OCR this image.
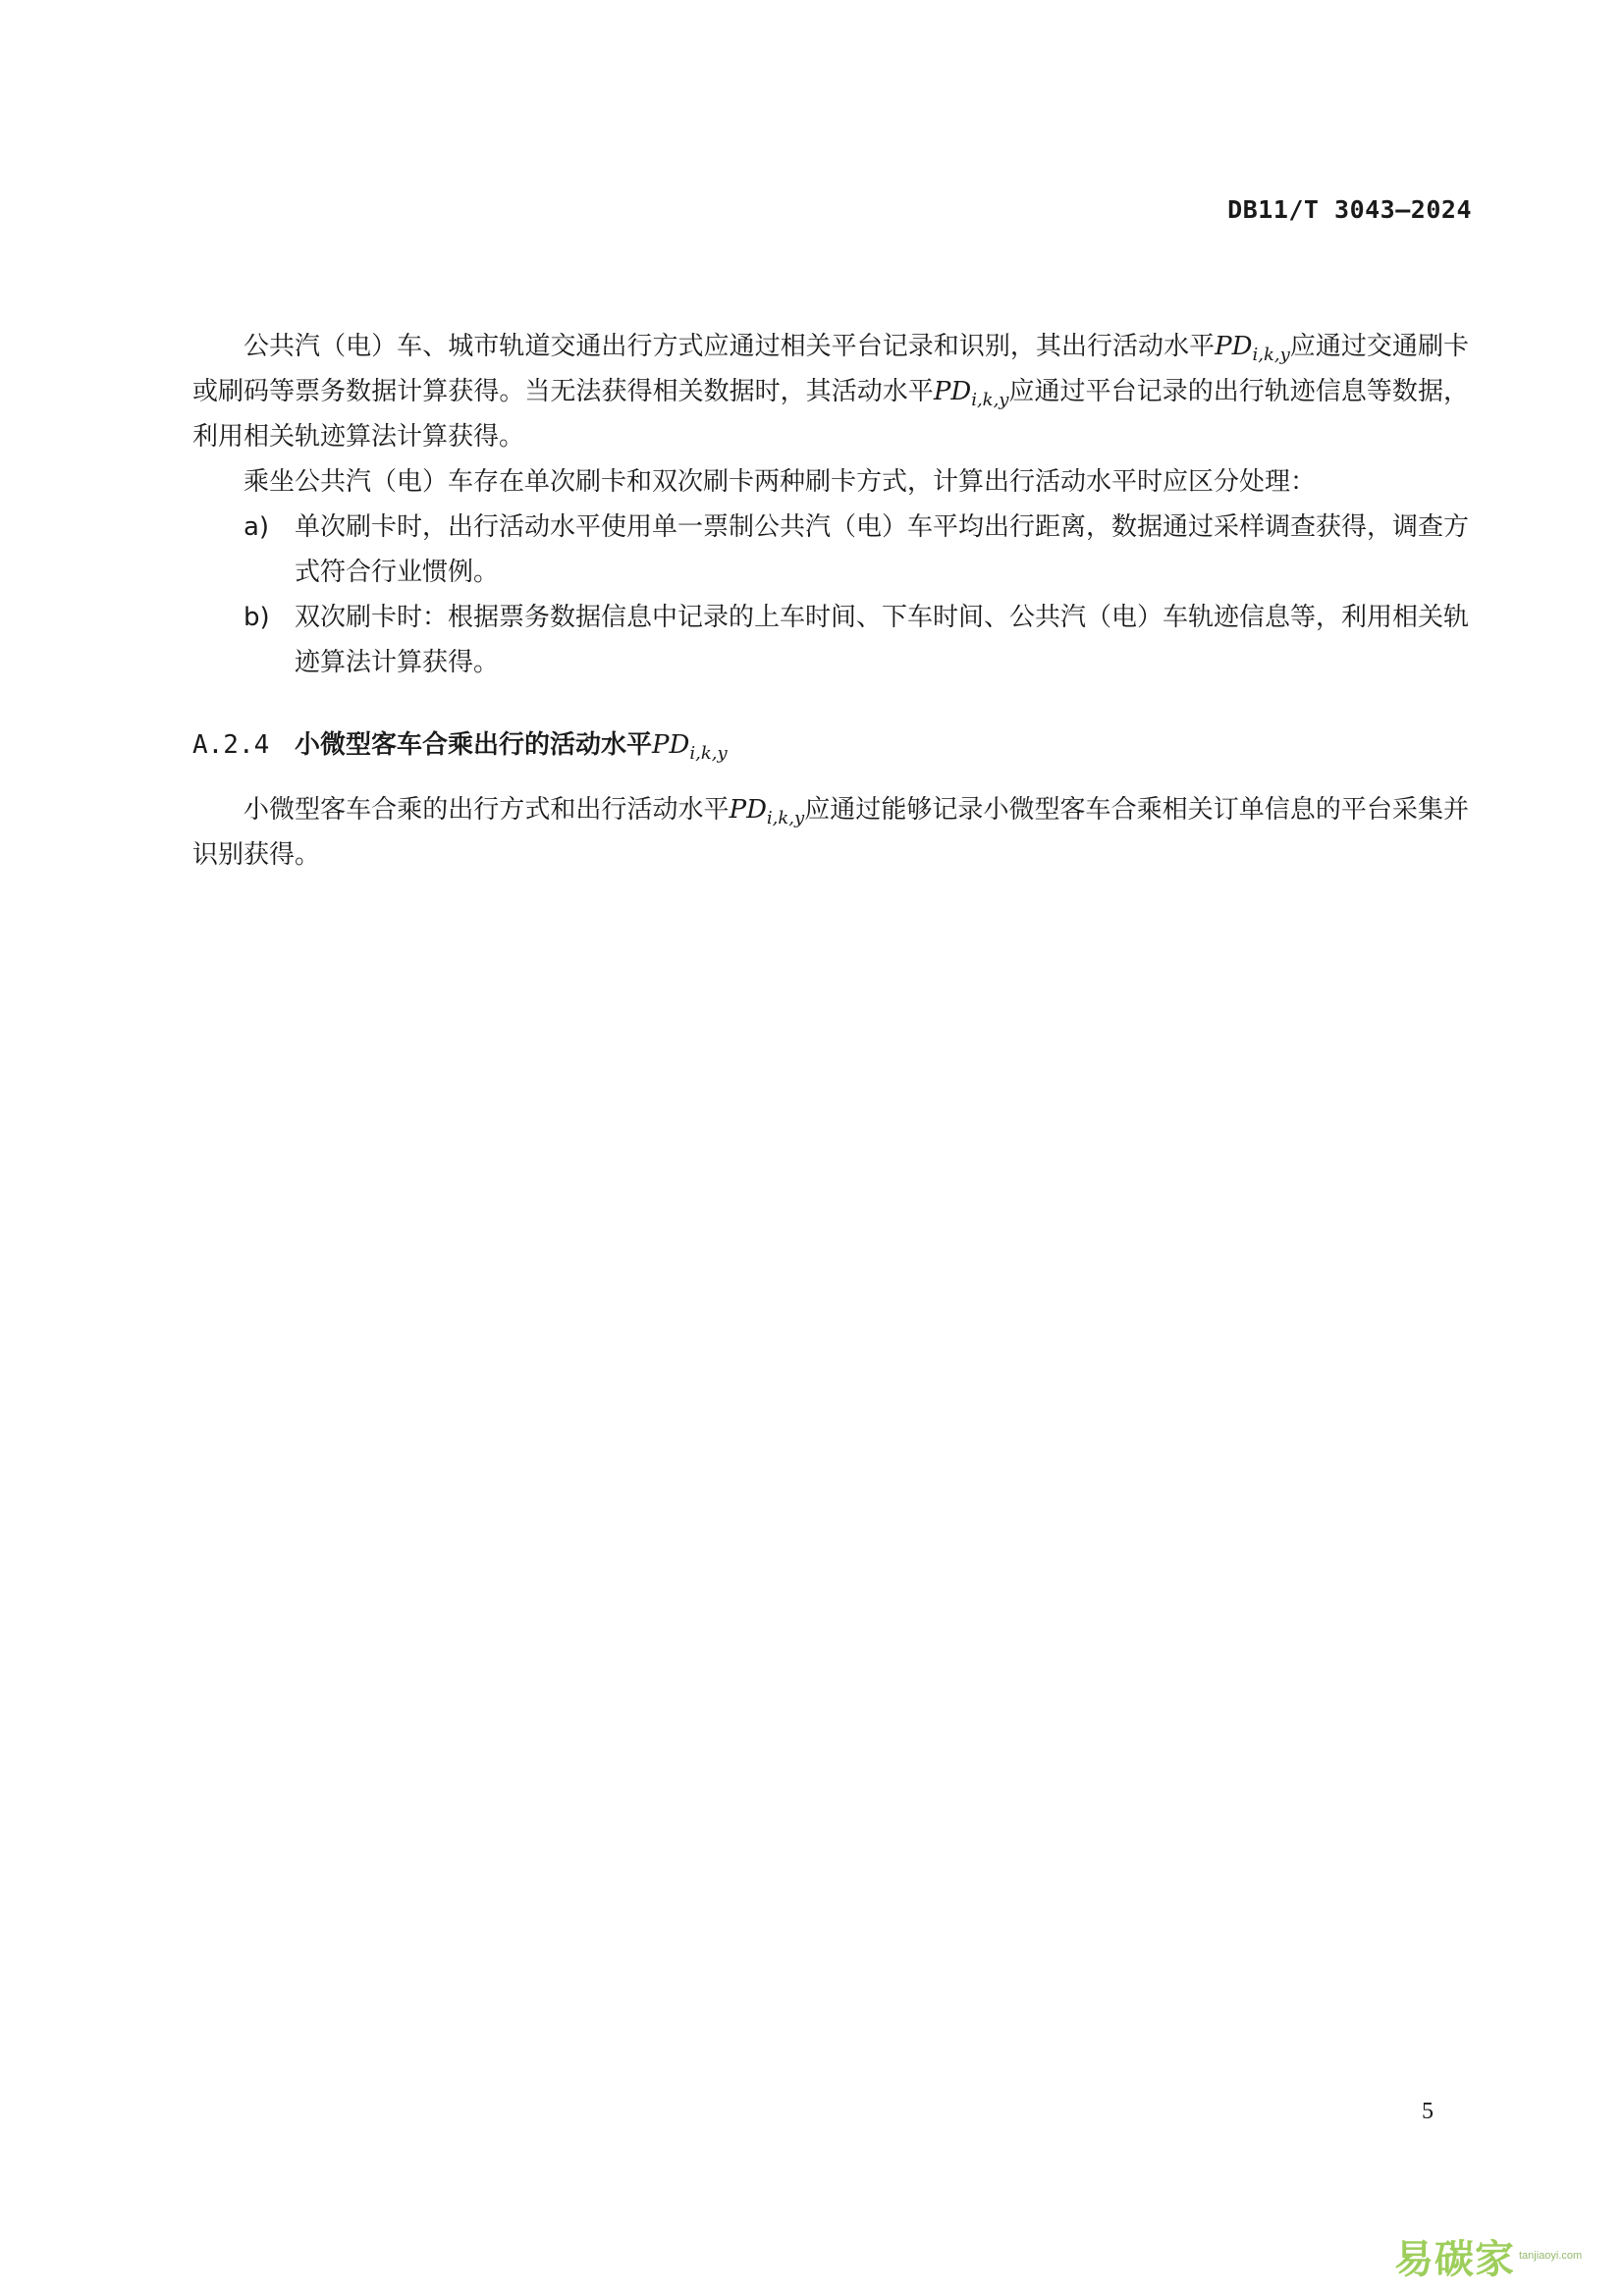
DB11/T 3043—2024

公共汽（电）车、城市轨道交通出行方式应通过相关平台记录和识别，其出行活动水平$PD_{i,k,y}$应通过交通刷卡或刷码等票务数据计算获得。当无法获得相关数据时，其活动水平$PD_{i,k,y}$应通过平台记录的出行轨迹信息等数据，利用相关轨迹算法计算获得。

乘坐公共汽（电）车存在单次刷卡和双次刷卡两种刷卡方式，计算出行活动水平时应区分处理：

a) 单次刷卡时，出行活动水平使用单一票制公共汽（电）车平均出行距离，数据通过采样调查获得，调查方式符合行业惯例。
b) 双次刷卡时：根据票务数据信息中记录的上车时间、下车时间、公共汽（电）车轨迹信息等，利用相关轨迹算法计算获得。
A.2.4 小微型客车合乘出行的活动水平$PD_{i,k,y}$

小微型客车合乘的出行方式和出行活动水平$PD_{i,k,y}$应通过能够记录小微型客车合乘相关订单信息的平台采集并识别获得。

5
易碳家 tanjiaoyi.com
